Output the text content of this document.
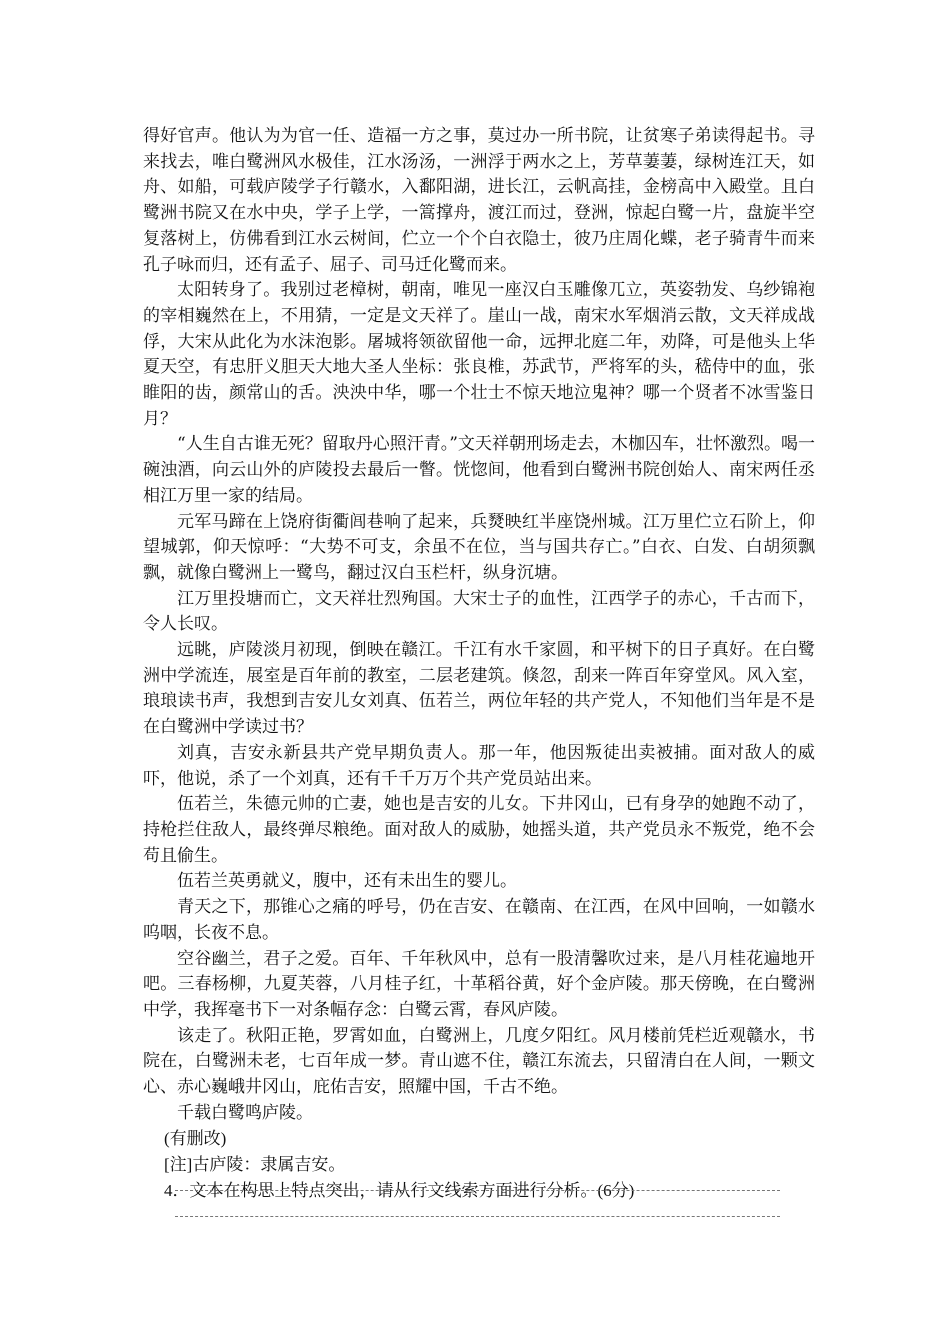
得好官声。他认为为官一任、造福一方之事，莫过办一所书院，让贫寒子弟读得起书。寻来找去，唯白鹭洲风水极佳，江水汤汤，一洲浮于两水之上，芳草萋萋，绿树连江天，如舟、如船，可载庐陵学子行赣水，入鄱阳湖，进长江，云帆高挂，金榜高中入殿堂。且白鹭洲书院又在水中央，学子上学，一篙撑舟，渡江而过，登洲，惊起白鹭一片，盘旋半空复落树上，仿佛看到江水云树间，伫立一个个白衣隐士，彼乃庄周化蝶，老子骑青牛而来孔子咏而归，还有孟子、屈子、司马迁化鹭而来。

太阳转身了。我别过老樟树，朝南，唯见一座汉白玉雕像兀立，英姿勃发、乌纱锦袍的宰相巍然在上，不用猜，一定是文天祥了。崖山一战，南宋水军烟消云散，文天祥成战俘，大宋从此化为水沫泡影。屠城将领欲留他一命，远押北庭二年，劝降，可是他头上华夏天空，有忠肝义胆天大地大圣人坐标：张良椎，苏武节，严将军的头，嵇侍中的血，张睢阳的齿，颜常山的舌。泱泱中华，哪一个壮士不惊天地泣鬼神？哪一个贤者不冰雪鉴日月？

“人生自古谁无死？留取丹心照汗青。”文天祥朝刑场走去，木枷囚车，壮怀激烈。喝一碗浊酒，向云山外的庐陵投去最后一瞥。恍惚间，他看到白鹭洲书院创始人、南宋两任丞相江万里一家的结局。

元军马蹄在上饶府街衢闾巷响了起来，兵燹映红半座饶州城。江万里伫立石阶上，仰望城郭，仰天惊呼：“大势不可支，余虽不在位，当与国共存亡。”白衣、白发、白胡须飘飘，就像白鹭洲上一鹭鸟，翻过汉白玉栏杆，纵身沉塘。

江万里投塘而亡，文天祥壮烈殉国。大宋士子的血性，江西学子的赤心，千古而下，令人长叹。

远眺，庐陵淡月初现，倒映在赣江。千江有水千家圆，和平树下的日子真好。在白鹭洲中学流连，展室是百年前的教室，二层老建筑。倏忽，刮来一阵百年穿堂风。风入室，琅琅读书声，我想到吉安儿女刘真、伍若兰，两位年轻的共产党人，不知他们当年是不是在白鹭洲中学读过书？

刘真，吉安永新县共产党早期负责人。那一年，他因叛徒出卖被捕。面对敌人的威吓，他说，杀了一个刘真，还有千千万万个共产党员站出来。

伍若兰，朱德元帅的亡妻，她也是吉安的儿女。下井冈山，已有身孕的她跑不动了，持枪拦住敌人，最终弹尽粮绝。面对敌人的威胁，她摇头道，共产党员永不叛党，绝不会苟且偷生。

伍若兰英勇就义，腹中，还有未出生的婴儿。

青天之下，那锥心之痛的呼号，仍在吉安、在赣南、在江西，在风中回响，一如赣水呜咽，长夜不息。

空谷幽兰，君子之爱。百年、千年秋风中，总有一股清馨吹过来，是八月桂花遍地开吧。三春杨柳，九夏芙蓉，八月桂子红，十革稻谷黄，好个金庐陵。那天傍晚，在白鹭洲中学，我挥毫书下一对条幅存念：白鹭云霄，春风庐陵。

该走了。秋阳正艳，罗霄如血，白鹭洲上，几度夕阳红。风月楼前凭栏近观赣水，书院在，白鹭洲未老，七百年成一梦。青山遮不住，赣江东流去，只留清白在人间，一颗文心、赤心巍峨井冈山，庇佑吉安，照耀中国，千古不绝。

千载白鹭鸣庐陵。

(有删改)

[注]古庐陵：隶属吉安。

4．文本在构思上特点突出，请从行文线索方面进行分析。(6分)
